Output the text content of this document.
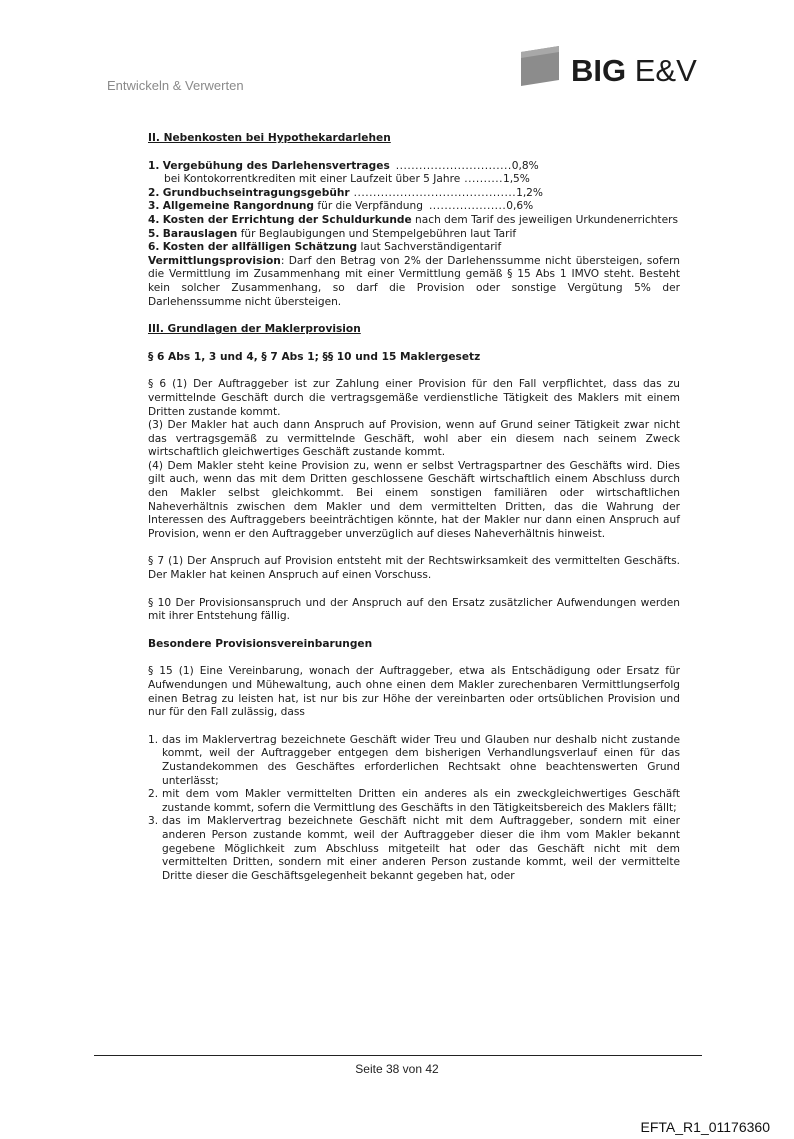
Entwickeln & Verwerten	BIG E&V
II. Nebenkosten bei Hypothekardarlehen
1. Vergebühung des Darlehensvertrages .............................. 0,8%
bei Kontokorrentkrediten mit einer Laufzeit über 5 Jahre .......... 1,5%
2. Grundbuchseintragungsgebühr .......................................... 1,2%
3. Allgemeine Rangordnung für die Verpfändung .................... 0,6%
4. Kosten der Errichtung der Schuldurkunde nach dem Tarif des jeweiligen Urkundenerrichters
5. Barauslagen für Beglaubigungen und Stempelgebühren laut Tarif
6. Kosten der allfälligen Schätzung laut Sachverständigentarif

Vermittlungsprovision: Darf den Betrag von 2% der Darlehenssumme nicht übersteigen, sofern die Vermittlung im Zusammenhang mit einer Vermittlung gemäß § 15 Abs 1 IMVO steht. Besteht kein solcher Zusammenhang, so darf die Provision oder sonstige Vergütung 5% der Darlehenssumme nicht übersteigen.

III. Grundlagen der Maklerprovision
§ 6 Abs 1, 3 und 4, § 7 Abs 1; §§ 10 und 15 Maklergesetz

§ 6 (1) Der Auftraggeber ist zur Zahlung einer Provision für den Fall verpflichtet, dass das zu vermittelnde Geschäft durch die vertragsgemäße verdienstliche Tätigkeit des Maklers mit einem Dritten zustande kommt.

(3) Der Makler hat auch dann Anspruch auf Provision, wenn auf Grund seiner Tätigkeit zwar nicht das vertragsgemäß zu vermittelnde Geschäft, wohl aber ein diesem nach seinem Zweck wirtschaftlich gleichwertiges Geschäft zustande kommt.

(4) Dem Makler steht keine Provision zu, wenn er selbst Vertragspartner des Geschäfts wird. Dies gilt auch, wenn das mit dem Dritten geschlossene Geschäft wirtschaftlich einem Abschluss durch den Makler selbst gleichkommt. Bei einem sonstigen familiären oder wirtschaftlichen Naheverhältnis zwischen dem Makler und dem vermittelten Dritten, das die Wahrung der Interessen des Auftraggebers beeinträchtigen könnte, hat der Makler nur dann einen Anspruch auf Provision, wenn er den Auftraggeber unverzüglich auf dieses Naheverhältnis hinweist.

§ 7 (1) Der Anspruch auf Provision entsteht mit der Rechtswirksamkeit des vermittelten Geschäfts. Der Makler hat keinen Anspruch auf einen Vorschuss.

§ 10 Der Provisionsanspruch und der Anspruch auf den Ersatz zusätzlicher Aufwendungen werden mit ihrer Entstehung fällig.

Besondere Provisionsvereinbarungen

§ 15 (1) Eine Vereinbarung, wonach der Auftraggeber, etwa als Entschädigung oder Ersatz für Aufwendungen und Mühewaltung, auch ohne einen dem Makler zurechenbaren Vermittlungserfolg einen Betrag zu leisten hat, ist nur bis zur Höhe der vereinbarten oder ortsüblichen Provision und nur für den Fall zulässig, dass

1. das im Maklervertrag bezeichnete Geschäft wider Treu und Glauben nur deshalb nicht zustande kommt, weil der Auftraggeber entgegen dem bisherigen Verhandlungsverlauf einen für das Zustandekommen des Geschäftes erforderlichen Rechtsakt ohne beachtenswerten Grund unterlässt;
2. mit dem vom Makler vermittelten Dritten ein anderes als ein zweckgleichwertiges Geschäft zustande kommt, sofern die Vermittlung des Geschäfts in den Tätigkeitsbereich des Maklers fällt;
3. das im Maklervertrag bezeichnete Geschäft nicht mit dem Auftraggeber, sondern mit einer anderen Person zustande kommt, weil der Auftraggeber dieser die ihm vom Makler bekannt gegebene Möglichkeit zum Abschluss mitgeteilt hat oder das Geschäft nicht mit dem vermittelten Dritten, sondern mit einer anderen Person zustande kommt, weil der vermittelte Dritte dieser die Geschäftsgelegenheit bekannt gegeben hat, oder
Seite 38 von 42
EFTA_R1_01176360
